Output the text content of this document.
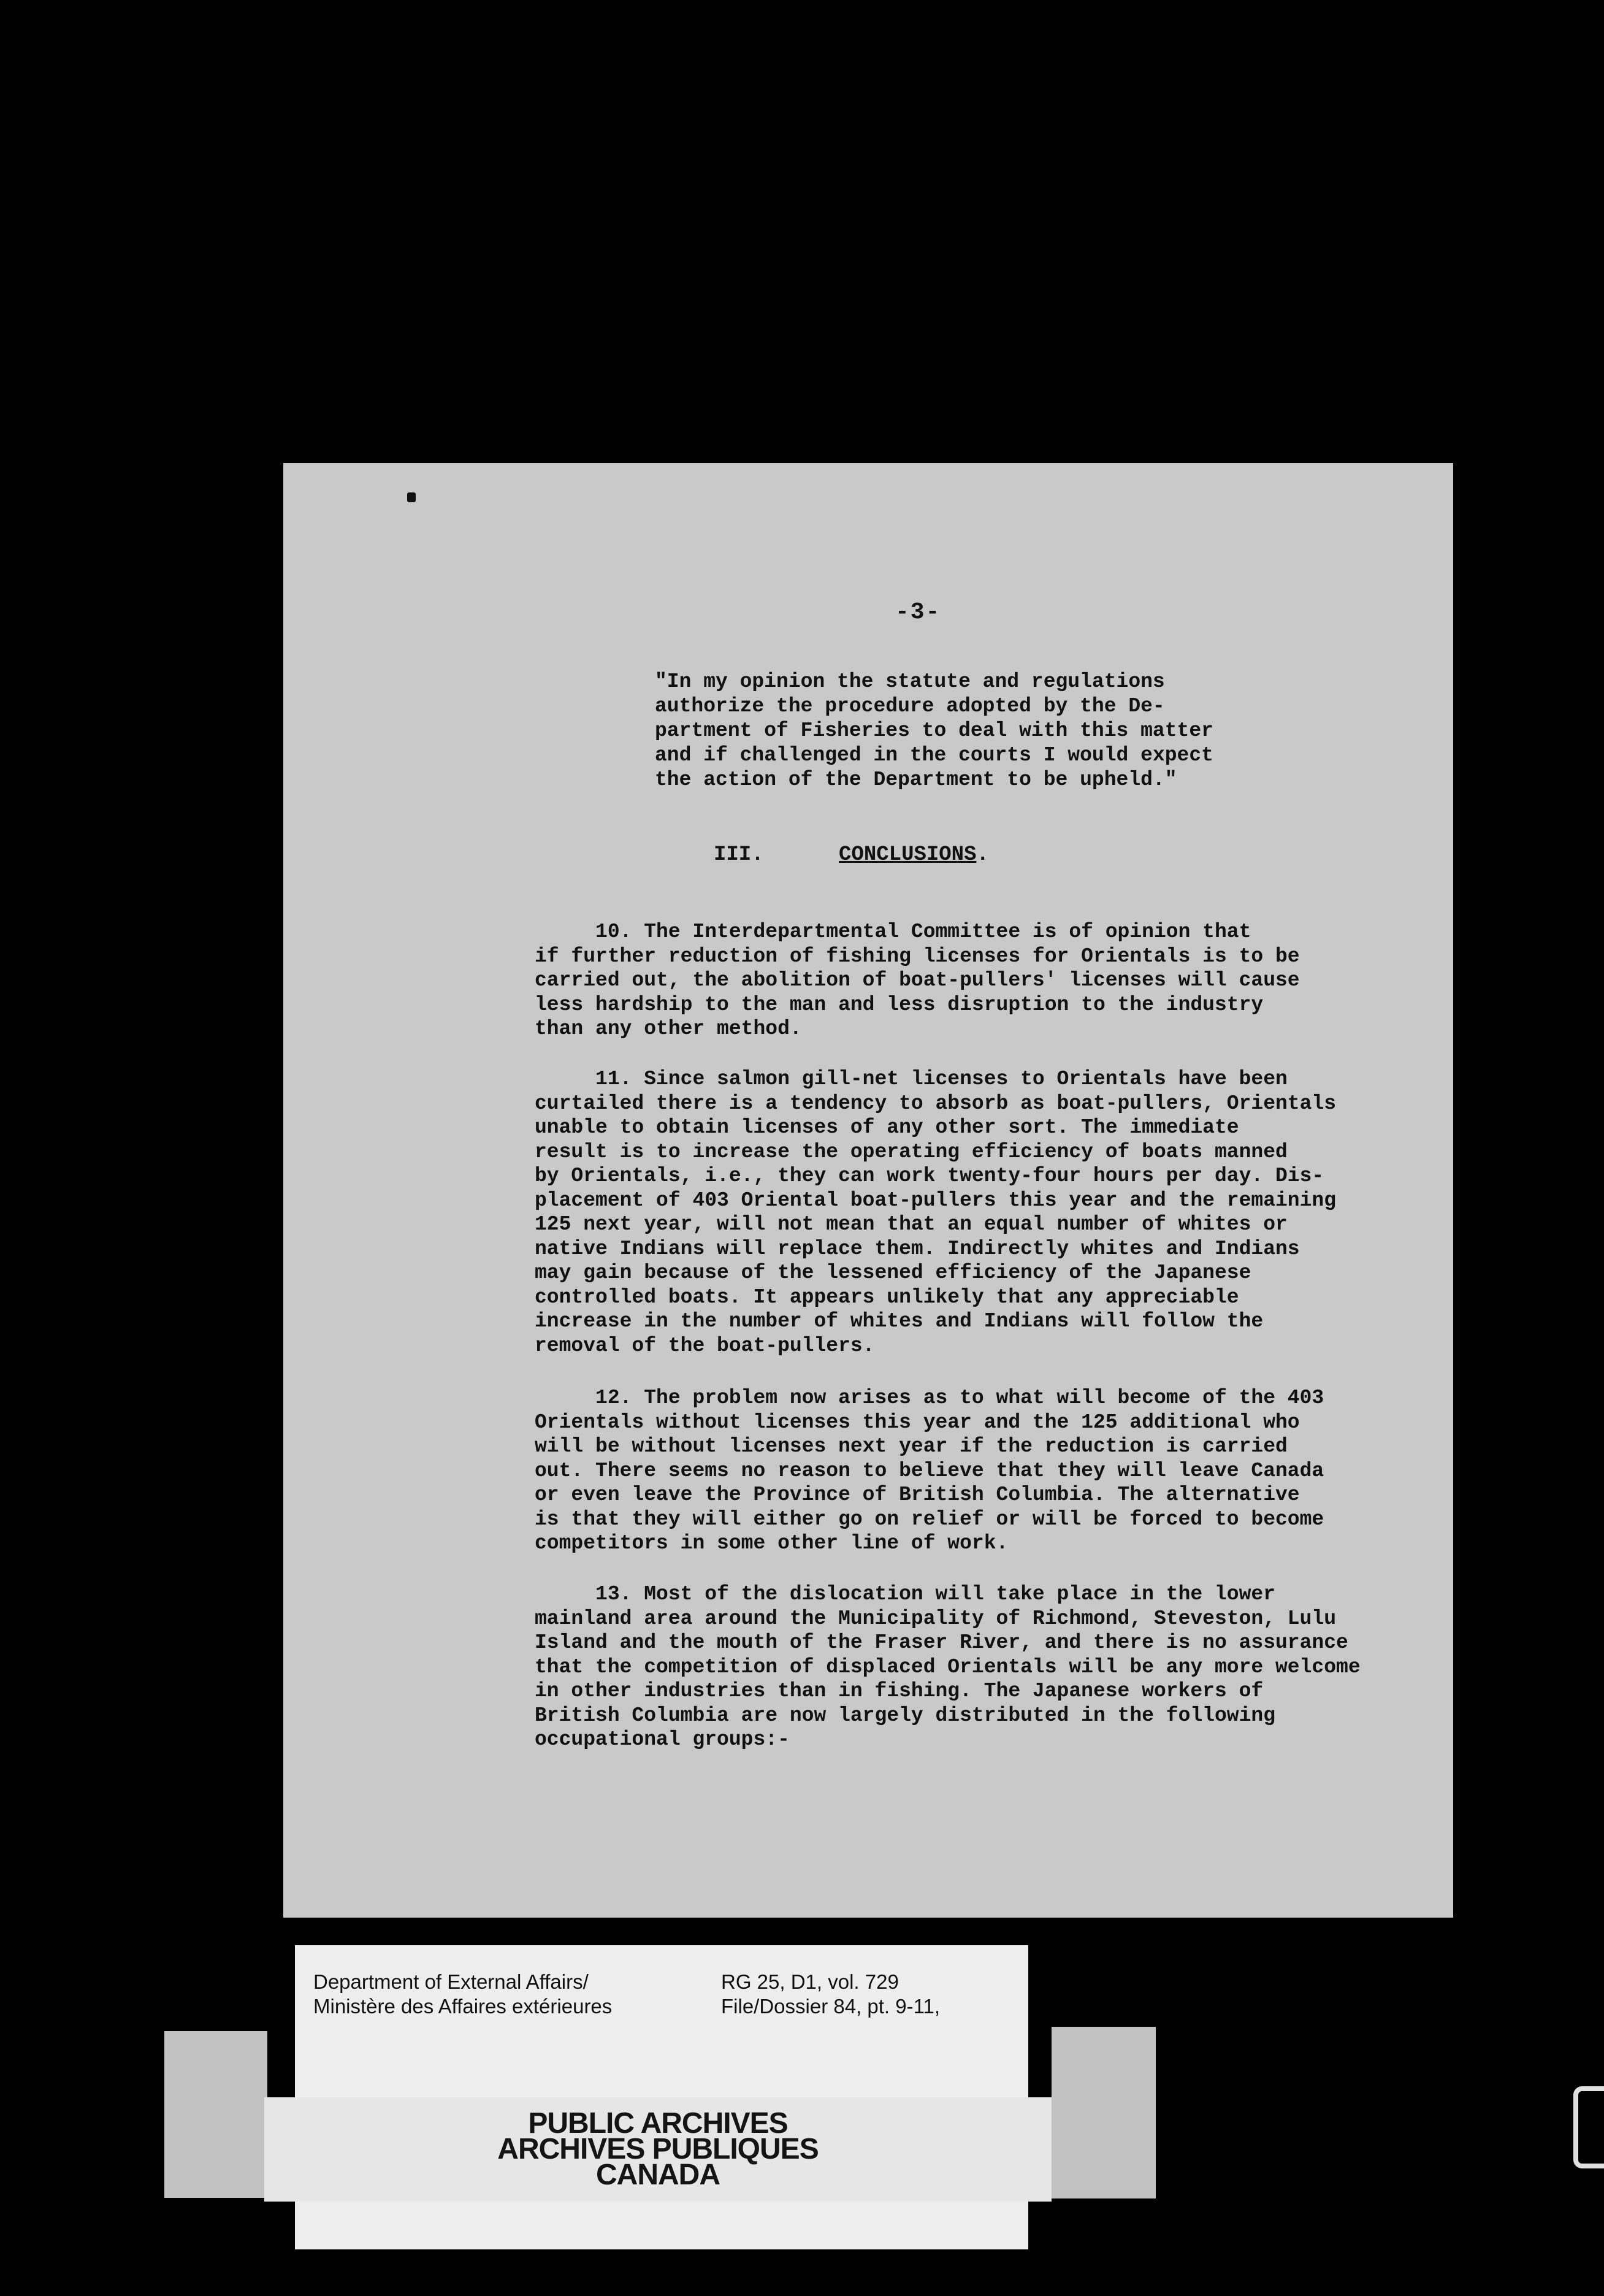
-3-

"In my opinion the statute and regulations

authorize the procedure adopted by the De-

partment of Fisheries to deal with this matter

and if challenged in the courts I would expect

the action of the Department to be upheld."

III.	CONCLUSIONS.

10. The Interdepartmental Committee is of opinion that

if further reduction of fishing licenses for Orientals is to be

carried out, the abolition of boat-pullers' licenses will cause

less hardship to the man and less disruption to the industry

than any other method.

11. Since salmon gill-net licenses to Orientals have been

curtailed there is a tendency to absorb as boat-pullers, Orientals

unable to obtain licenses of any other sort. The immediate

result is to increase the operating efficiency of boats manned

by Orientals, i.e., they can work twenty-four hours per day. Dis-

placement of 403 Oriental boat-pullers this year and the remaining

125 next year, will not mean that an equal number of whites or

native Indians will replace them. Indirectly whites and Indians

may gain because of the lessened efficiency of the Japanese

controlled boats. It appears unlikely that any appreciable

increase in the number of whites and Indians will follow the

removal of the boat-pullers.

12. The problem now arises as to what will become of the 403

Orientals without licenses this year and the 125 additional who

will be without licenses next year if the reduction is carried

out. There seems no reason to believe that they will leave Canada

or even leave the Province of British Columbia. The alternative

is that they will either go on relief or will be forced to become

competitors in some other line of work.

13. Most of the dislocation will take place in the lower

mainland area around the Municipality of Richmond, Steveston, Lulu

Island and the mouth of the Fraser River, and there is no assurance

that the competition of displaced Orientals will be any more welcome

in other industries than in fishing. The Japanese workers of

British Columbia are now largely distributed in the following

occupational groups:-

Department of External Affairs/

Ministère des Affaires extérieures

RG 25, D1, vol. 729

File/Dossier 84, pt. 9-11,

PUBLIC ARCHIVES

ARCHIVES PUBLIQUES

CANADA
